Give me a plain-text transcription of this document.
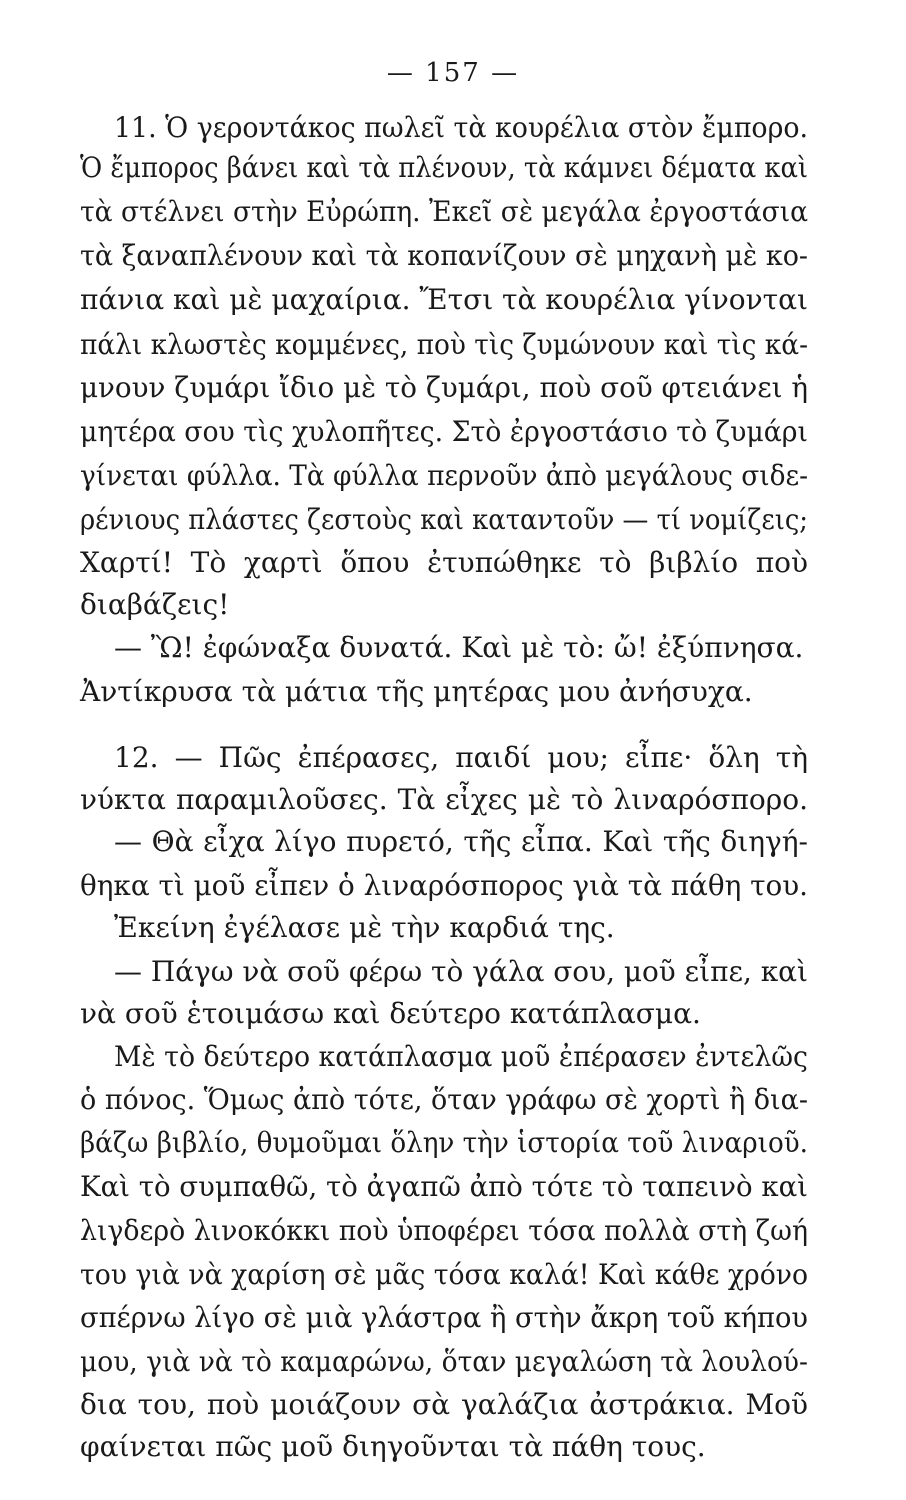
— 157 —
11. Ὁ γεροντάκος πωλεῖ τὰ κουρέλια στὸν ἔμπορο.
Ὁ ἔμπορος βάνει καὶ τὰ πλένουν, τὰ κάμνει δέματα καὶ
τὰ στέλνει στὴν Εὐρώπη. Ἐκεῖ σὲ μεγάλα ἐργοστάσια
τὰ ξαναπλένουν καὶ τὰ κοπανίζουν σὲ μηχανὴ μὲ κο-
πάνια καὶ μὲ μαχαίρια. Ἔτσι τὰ κουρέλια γίνονται
πάλι κλωστὲς κομμένες, ποὺ τὶς ζυμώνουν καὶ τὶς κά-
μνουν ζυμάρι ἴδιο μὲ τὸ ζυμάρι, ποὺ σοῦ φτειάνει ἡ
μητέρα σου τὶς χυλοπῆτες. Στὸ ἐργοστάσιο τὸ ζυμάρι
γίνεται φύλλα. Τὰ φύλλα περνοῦν ἀπὸ μεγάλους σιδε-
ρένιους πλάστες ζεστοὺς καὶ καταντοῦν — τί νομίζεις;
Χαρτί! Τὸ χαρτὶ ὅπου ἐτυπώθηκε τὸ βιβλίο ποὺ
διαβάζεις!
— Ὢ! ἐφώναξα δυνατά. Καὶ μὲ τὸ: ὤ! ἐξύπνησα.
Ἀντίκρυσα τὰ μάτια τῆς μητέρας μου ἀνήσυχα.
12. — Πῶς ἐπέρασες, παιδί μου; εἶπε· ὅλη τὴ
νύκτα παραμιλοῦσες. Τὰ εἶχες μὲ τὸ λιναρόσπορο.
— Θὰ εἶχα λίγο πυρετό, τῆς εἶπα. Καὶ τῆς διηγή-
θηκα τὶ μοῦ εἶπεν ὁ λιναρόσπορος γιὰ τὰ πάθη του.
Ἐκείνη ἐγέλασε μὲ τὴν καρδιά της.
— Πάγω νὰ σοῦ φέρω τὸ γάλα σου, μοῦ εἶπε, καὶ
νὰ σοῦ ἑτοιμάσω καὶ δεύτερο κατάπλασμα.
Μὲ τὸ δεύτερο κατάπλασμα μοῦ ἐπέρασεν ἐντελῶς
ὁ πόνος. Ὅμως ἀπὸ τότε, ὅταν γράφω σὲ χορτὶ ἢ δια-
βάζω βιβλίο, θυμοῦμαι ὅλην τὴν ἱστορία τοῦ λιναριοῦ.
Καὶ τὸ συμπαθῶ, τὸ ἀγαπῶ ἀπὸ τότε τὸ ταπεινὸ καὶ
λιγδερὸ λινοκόκκι ποὺ ὑποφέρει τόσα πολλὰ στὴ ζωή
του γιὰ νὰ χαρίση σὲ μᾶς τόσα καλά! Καὶ κάθε χρόνο
σπέρνω λίγο σὲ μιὰ γλάστρα ἢ στὴν ἄκρη τοῦ κήπου
μου, γιὰ νὰ τὸ καμαρώνω, ὅταν μεγαλώση τὰ λουλού-
δια του, ποὺ μοιάζουν σὰ γαλάζια ἀστράκια. Μοῦ
φαίνεται πῶς μοῦ διηγοῦνται τὰ πάθη τους.
